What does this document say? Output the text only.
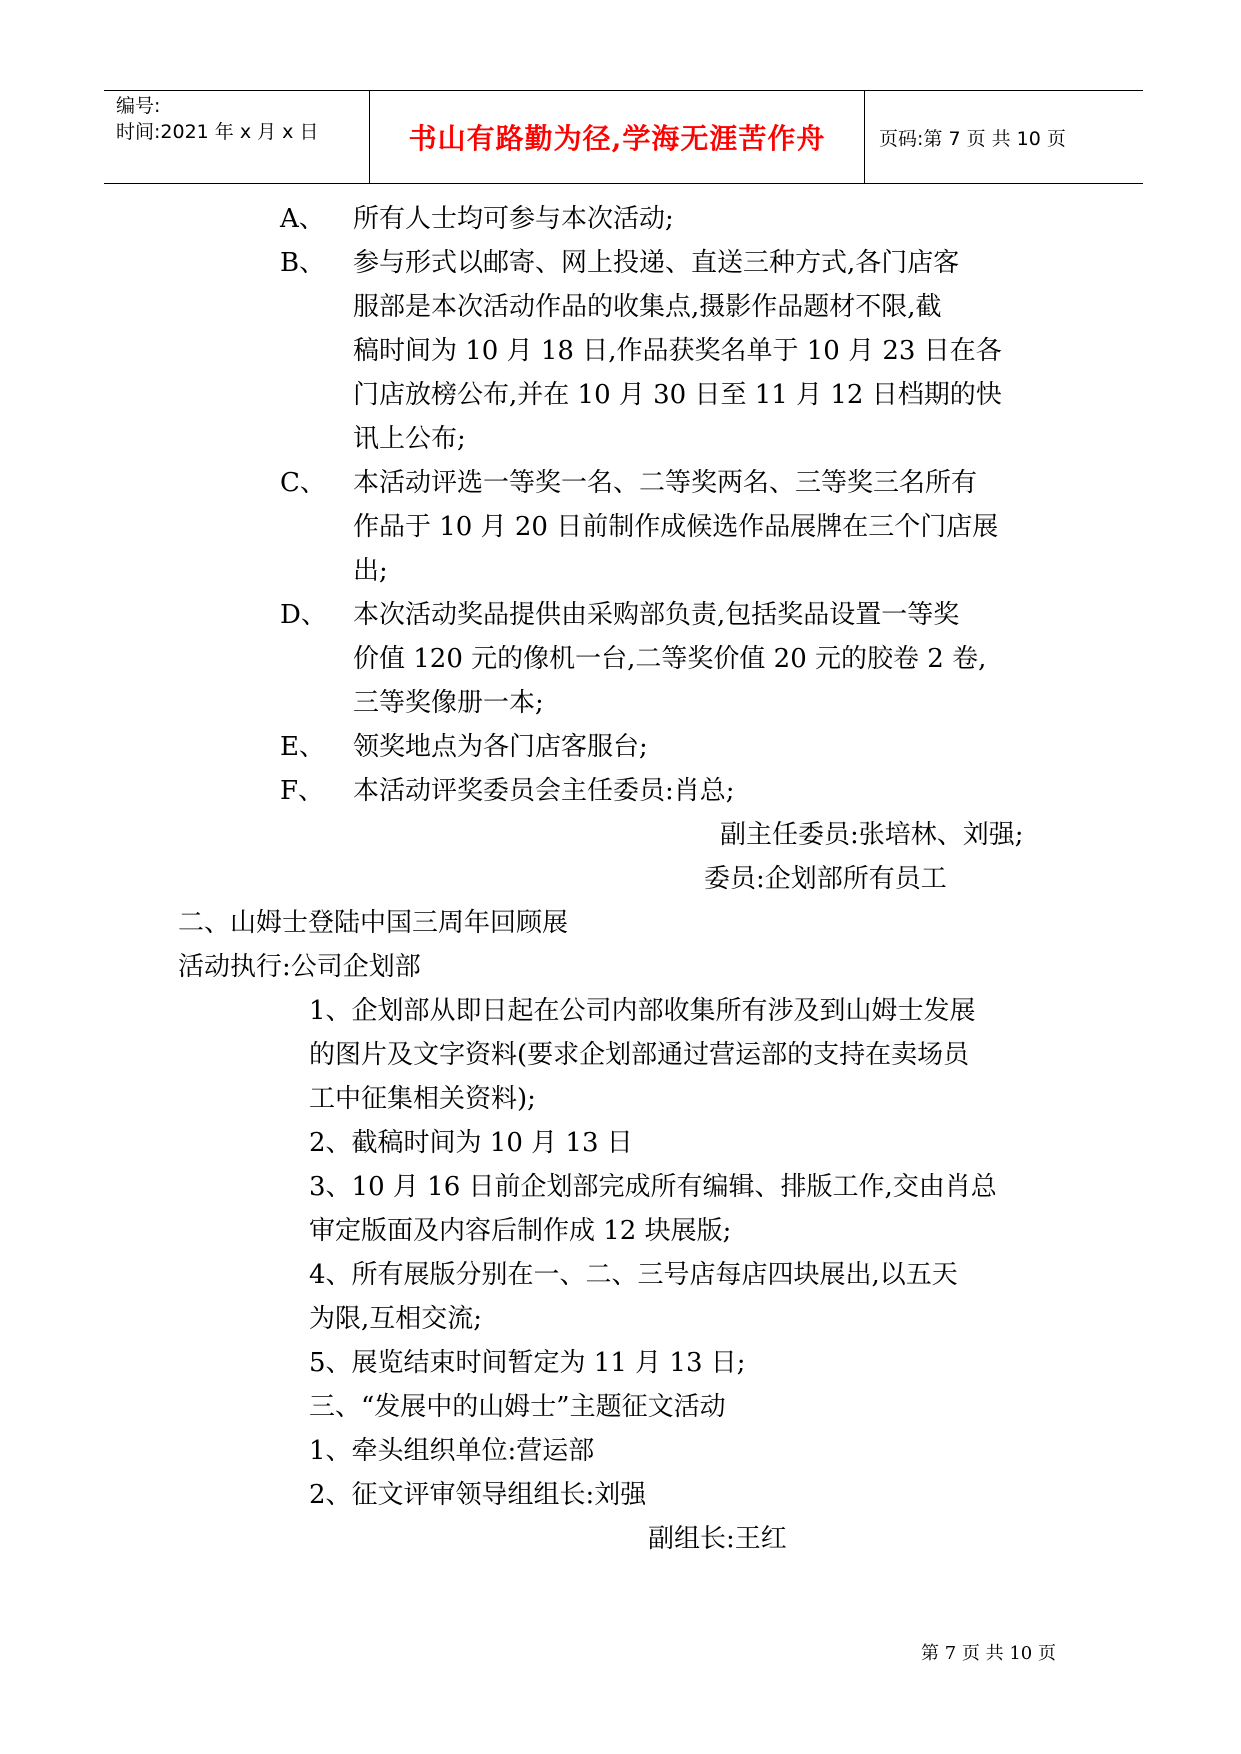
编号:
时间:2021 年 x 月 x 日	书山有路勤为径,学海无涯苦作舟	页码:第 7 页 共 10 页
A、 所有人士均可参与本次活动;
B、 参与形式以邮寄、网上投递、直送三种方式,各门店客
服部是本次活动作品的收集点,摄影作品题材不限,截
稿时间为 10 月 18 日,作品获奖名单于 10 月 23 日在各
门店放榜公布,并在 10 月 30 日至 11 月 12 日档期的快
讯上公布;
C、 本活动评选一等奖一名、二等奖两名、三等奖三名所有
作品于 10 月 20 日前制作成候选作品展牌在三个门店展
出;
D、 本次活动奖品提供由采购部负责,包括奖品设置一等奖
价值 120 元的像机一台,二等奖价值 20 元的胶卷 2 卷,
三等奖像册一本;
E、 领奖地点为各门店客服台;
F、 本活动评奖委员会主任委员:肖总;
副主任委员:张培林、刘强;
委员:企划部所有员工
二、山姆士登陆中国三周年回顾展
活动执行:公司企划部
1、企划部从即日起在公司内部收集所有涉及到山姆士发展
的图片及文字资料(要求企划部通过营运部的支持在卖场员
工中征集相关资料);
2、截稿时间为 10 月 13 日
3、10 月 16 日前企划部完成所有编辑、排版工作,交由肖总
审定版面及内容后制作成 12 块展版;
4、所有展版分别在一、二、三号店每店四块展出,以五天
为限,互相交流;
5、展览结束时间暂定为 11 月 13 日;
三、“发展中的山姆士”主题征文活动
1、牵头组织单位:营运部
2、征文评审领导组组长:刘强
副组长:王红
第 7 页 共 10 页
